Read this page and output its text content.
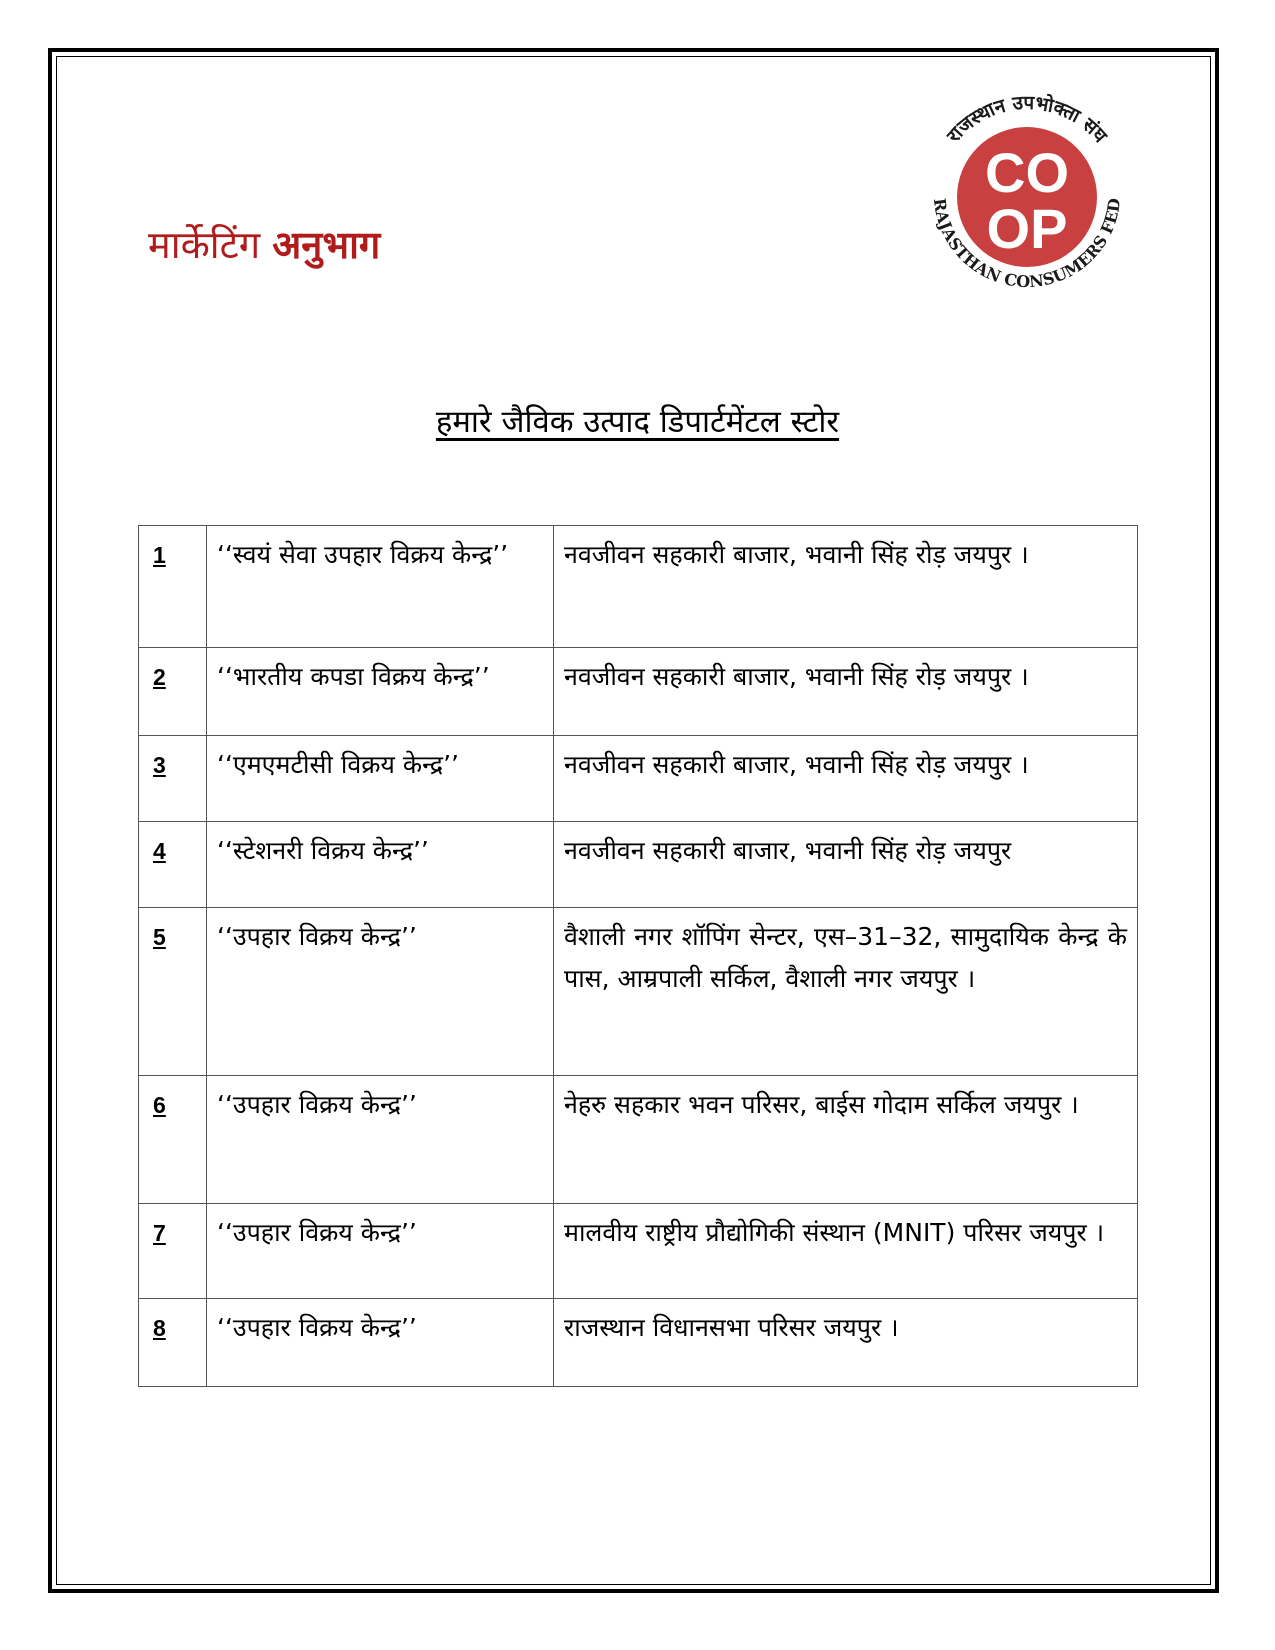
मार्केटिंग अनुभाग
राजस्थान उपभोक्ता संघ
RAJASTHAN CONSUMERS FED
CO
OP
हमारे जैविक उत्पाद डिपार्टमेंटल स्टोर
1	‘‘स्वयं सेवा उपहार विक्रय केन्द्र’’	नवजीवन सहकारी बाजार, भवानी सिंह रोड़ जयपुर ।
2	‘‘भारतीय कपडा विक्रय केन्द्र’’	नवजीवन सहकारी बाजार, भवानी सिंह रोड़ जयपुर ।
3	‘‘एमएमटीसी विक्रय केन्द्र’’	नवजीवन सहकारी बाजार, भवानी सिंह रोड़ जयपुर ।
4	‘‘स्टेशनरी विक्रय केन्द्र’’	नवजीवन सहकारी बाजार, भवानी सिंह रोड़ जयपुर
5	‘‘उपहार विक्रय केन्द्र’’	वैशाली नगर शॉपिंग सेन्टर, एस–31–32, सामुदायिक केन्द्र के पास, आम्रपाली सर्किल, वैशाली नगर जयपुर ।
6	‘‘उपहार विक्रय केन्द्र’’	नेहरु सहकार भवन परिसर, बाईस गोदाम सर्किल जयपुर ।
7	‘‘उपहार विक्रय केन्द्र’’	मालवीय राष्ट्रीय प्रौद्योगिकी संस्थान (MNIT) परिसर जयपुर ।
8	‘‘उपहार विक्रय केन्द्र’’	राजस्थान विधानसभा परिसर जयपुर ।
